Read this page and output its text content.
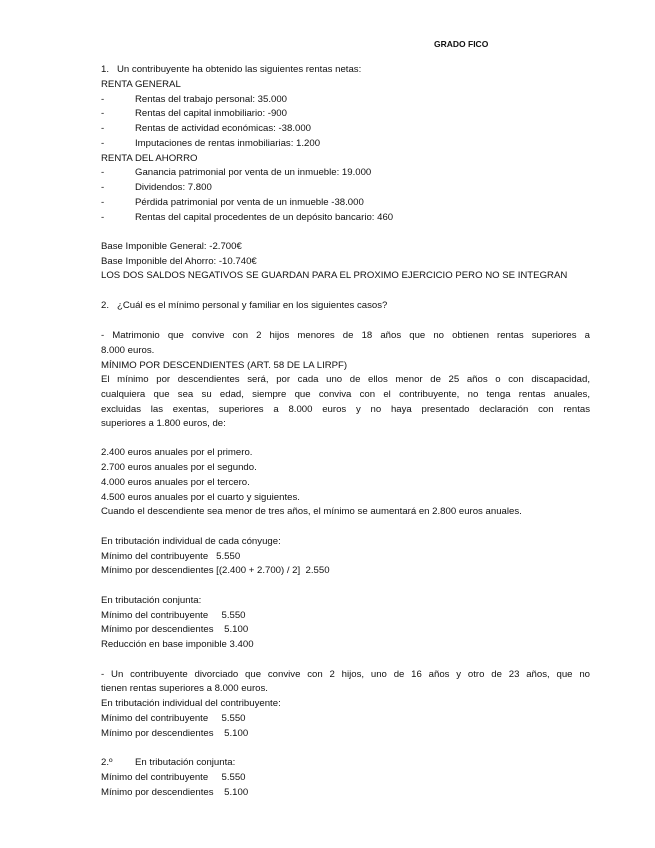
GRADO FICO
1.   Un contribuyente ha obtenido las siguientes rentas netas:
RENTA GENERAL
-	Rentas del trabajo personal: 35.000
-	Rentas del capital inmobiliario: -900
-	Rentas de actividad económicas: -38.000
-	Imputaciones de rentas inmobiliarias: 1.200
RENTA DEL AHORRO
-	Ganancia patrimonial por venta de un inmueble: 19.000
-	Dividendos: 7.800
-	Pérdida patrimonial por venta de un inmueble -38.000
-	Rentas del capital procedentes de un depósito bancario: 460
Base Imponible General: -2.700€
Base Imponible del Ahorro: -10.740€
LOS DOS SALDOS NEGATIVOS SE GUARDAN PARA EL PROXIMO EJERCICIO PERO NO SE INTEGRAN
2.   ¿Cuál es el mínimo personal y familiar en los siguientes casos?
- Matrimonio que convive con 2 hijos menores de 18 años que no obtienen rentas superiores a
8.000 euros.
MÍNIMO POR DESCENDIENTES (ART. 58 DE LA LIRPF)
El mínimo por descendientes será, por cada uno de ellos menor de 25 años o con discapacidad,
cualquiera que sea su edad, siempre que conviva con el contribuyente, no tenga rentas anuales,
excluidas las exentas, superiores a 8.000 euros y no haya presentado declaración con rentas
superiores a 1.800 euros, de:
2.400 euros anuales por el primero.
2.700 euros anuales por el segundo.
4.000 euros anuales por el tercero.
4.500 euros anuales por el cuarto y siguientes.
Cuando el descendiente sea menor de tres años, el mínimo se aumentará en 2.800 euros anuales.
En tributación individual de cada cónyuge:
Mínimo del contribuyente   5.550
Mínimo por descendientes [(2.400 + 2.700) / 2]  2.550
En tributación conjunta:
Mínimo del contribuyente     5.550
Mínimo por descendientes    5.100
Reducción en base imponible 3.400
- Un contribuyente divorciado que convive con 2 hijos, uno de 16 años y otro de 23 años, que no
tienen rentas superiores a 8.000 euros.
En tributación individual del contribuyente:
Mínimo del contribuyente     5.550
Mínimo por descendientes    5.100
2.º En tributación conjunta:
Mínimo del contribuyente     5.550
Mínimo por descendientes    5.100
